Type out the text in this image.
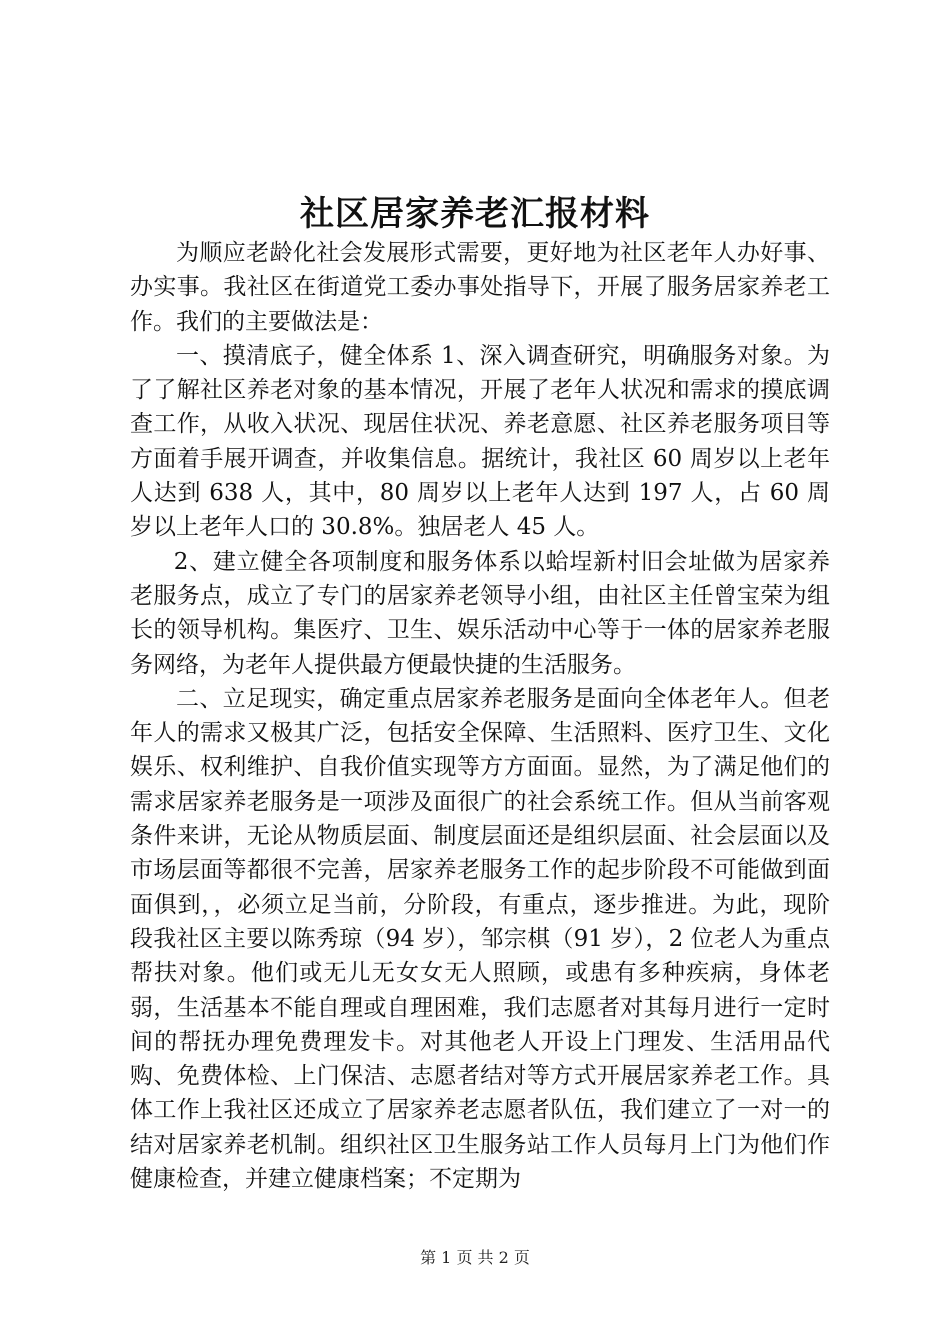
社区居家养老汇报材料

为顺应老龄化社会发展形式需要，更好地为社区老年人办好事、办实事。我社区在街道党工委办事处指导下，开展了服务居家养老工作。我们的主要做法是：

一、摸清底子，健全体系 1、深入调查研究，明确服务对象。为了了解社区养老对象的基本情况，开展了老年人状况和需求的摸底调查工作，从收入状况、现居住状况、养老意愿、社区养老服务项目等方面着手展开调查，并收集信息。据统计，我社区 60 周岁以上老年人达到 638 人，其中，80 周岁以上老年人达到 197 人，占 60 周岁以上老年人口的 30.8%。独居老人 45 人。

2、建立健全各项制度和服务体系以蛤埕新村旧会址做为居家养老服务点，成立了专门的居家养老领导小组，由社区主任曾宝荣为组长的领导机构。集医疗、卫生、娱乐活动中心等于一体的居家养老服务网络，为老年人提供最方便最快捷的生活服务。

二、立足现实，确定重点居家养老服务是面向全体老年人。但老年人的需求又极其广泛，包括安全保障、生活照料、医疗卫生、文化娱乐、权利维护、自我价值实现等方方面面。显然，为了满足他们的需求居家养老服务是一项涉及面很广的社会系统工作。但从当前客观条件来讲，无论从物质层面、制度层面还是组织层面、社会层面以及市场层面等都很不完善，居家养老服务工作的起步阶段不可能做到面面俱到，，必须立足当前，分阶段，有重点，逐步推进。为此，现阶段我社区主要以陈秀琼（94 岁），邹宗棋（91 岁），2 位老人为重点帮扶对象。他们或无儿无女女无人照顾，或患有多种疾病，身体老弱，生活基本不能自理或自理困难，我们志愿者对其每月进行一定时间的帮抚办理免费理发卡。对其他老人开设上门理发、生活用品代购、免费体检、上门保洁、志愿者结对等方式开展居家养老工作。具体工作上我社区还成立了居家养老志愿者队伍，我们建立了一对一的结对居家养老机制。组织社区卫生服务站工作人员每月上门为他们作健康检查，并建立健康档案；不定期为

第 1 页 共 2 页
